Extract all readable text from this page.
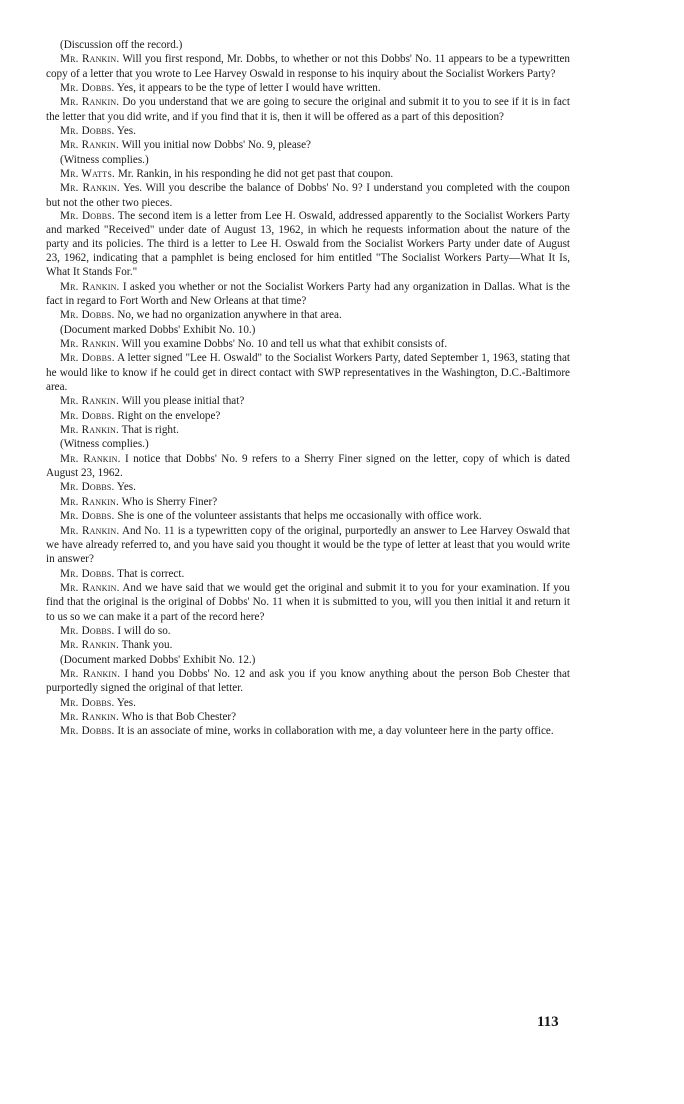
(Discussion off the record.)

Mr. Rankin. Will you first respond, Mr. Dobbs, to whether or not this Dobbs' No. 11 appears to be a typewritten copy of a letter that you wrote to Lee Harvey Oswald in response to his inquiry about the Socialist Workers Party?

Mr. Dobbs. Yes, it appears to be the type of letter I would have written.

Mr. Rankin. Do you understand that we are going to secure the original and submit it to you to see if it is in fact the letter that you did write, and if you find that it is, then it will be offered as a part of this deposition?

Mr. Dobbs. Yes.

Mr. Rankin. Will you initial now Dobbs' No. 9, please?

(Witness complies.)

Mr. Watts. Mr. Rankin, in his responding he did not get past that coupon.

Mr. Rankin. Yes. Will you describe the balance of Dobbs' No. 9? I understand you completed with the coupon but not the other two pieces.

Mr. Dobbs. The second item is a letter from Lee H. Oswald, addressed apparently to the Socialist Workers Party and marked "Received" under date of August 13, 1962, in which he requests information about the nature of the party and its policies. The third is a letter to Lee H. Oswald from the Socialist Workers Party under date of August 23, 1962, indicating that a pamphlet is being enclosed for him entitled "The Socialist Workers Party—What It Is, What It Stands For."

Mr. Rankin. I asked you whether or not the Socialist Workers Party had any organization in Dallas. What is the fact in regard to Fort Worth and New Orleans at that time?

Mr. Dobbs. No, we had no organization anywhere in that area.

(Document marked Dobbs' Exhibit No. 10.)

Mr. Rankin. Will you examine Dobbs' No. 10 and tell us what that exhibit consists of.

Mr. Dobbs. A letter signed "Lee H. Oswald" to the Socialist Workers Party, dated September 1, 1963, stating that he would like to know if he could get in direct contact with SWP representatives in the Washington, D.C.-Baltimore area.

Mr. Rankin. Will you please initial that?

Mr. Dobbs. Right on the envelope?

Mr. Rankin. That is right.

(Witness complies.)

Mr. Rankin. I notice that Dobbs' No. 9 refers to a Sherry Finer signed on the letter, copy of which is dated August 23, 1962.

Mr. Dobbs. Yes.

Mr. Rankin. Who is Sherry Finer?

Mr. Dobbs. She is one of the volunteer assistants that helps me occasionally with office work.

Mr. Rankin. And No. 11 is a typewritten copy of the original, purportedly an answer to Lee Harvey Oswald that we have already referred to, and you have said you thought it would be the type of letter at least that you would write in answer?

Mr. Dobbs. That is correct.

Mr. Rankin. And we have said that we would get the original and submit it to you for your examination. If you find that the original is the original of Dobbs' No. 11 when it is submitted to you, will you then initial it and return it to us so we can make it a part of the record here?

Mr. Dobbs. I will do so.

Mr. Rankin. Thank you.

(Document marked Dobbs' Exhibit No. 12.)

Mr. Rankin. I hand you Dobbs' No. 12 and ask you if you know anything about the person Bob Chester that purportedly signed the original of that letter.

Mr. Dobbs. Yes.

Mr. Rankin. Who is that Bob Chester?

Mr. Dobbs. It is an associate of mine, works in collaboration with me, a day volunteer here in the party office.

113
